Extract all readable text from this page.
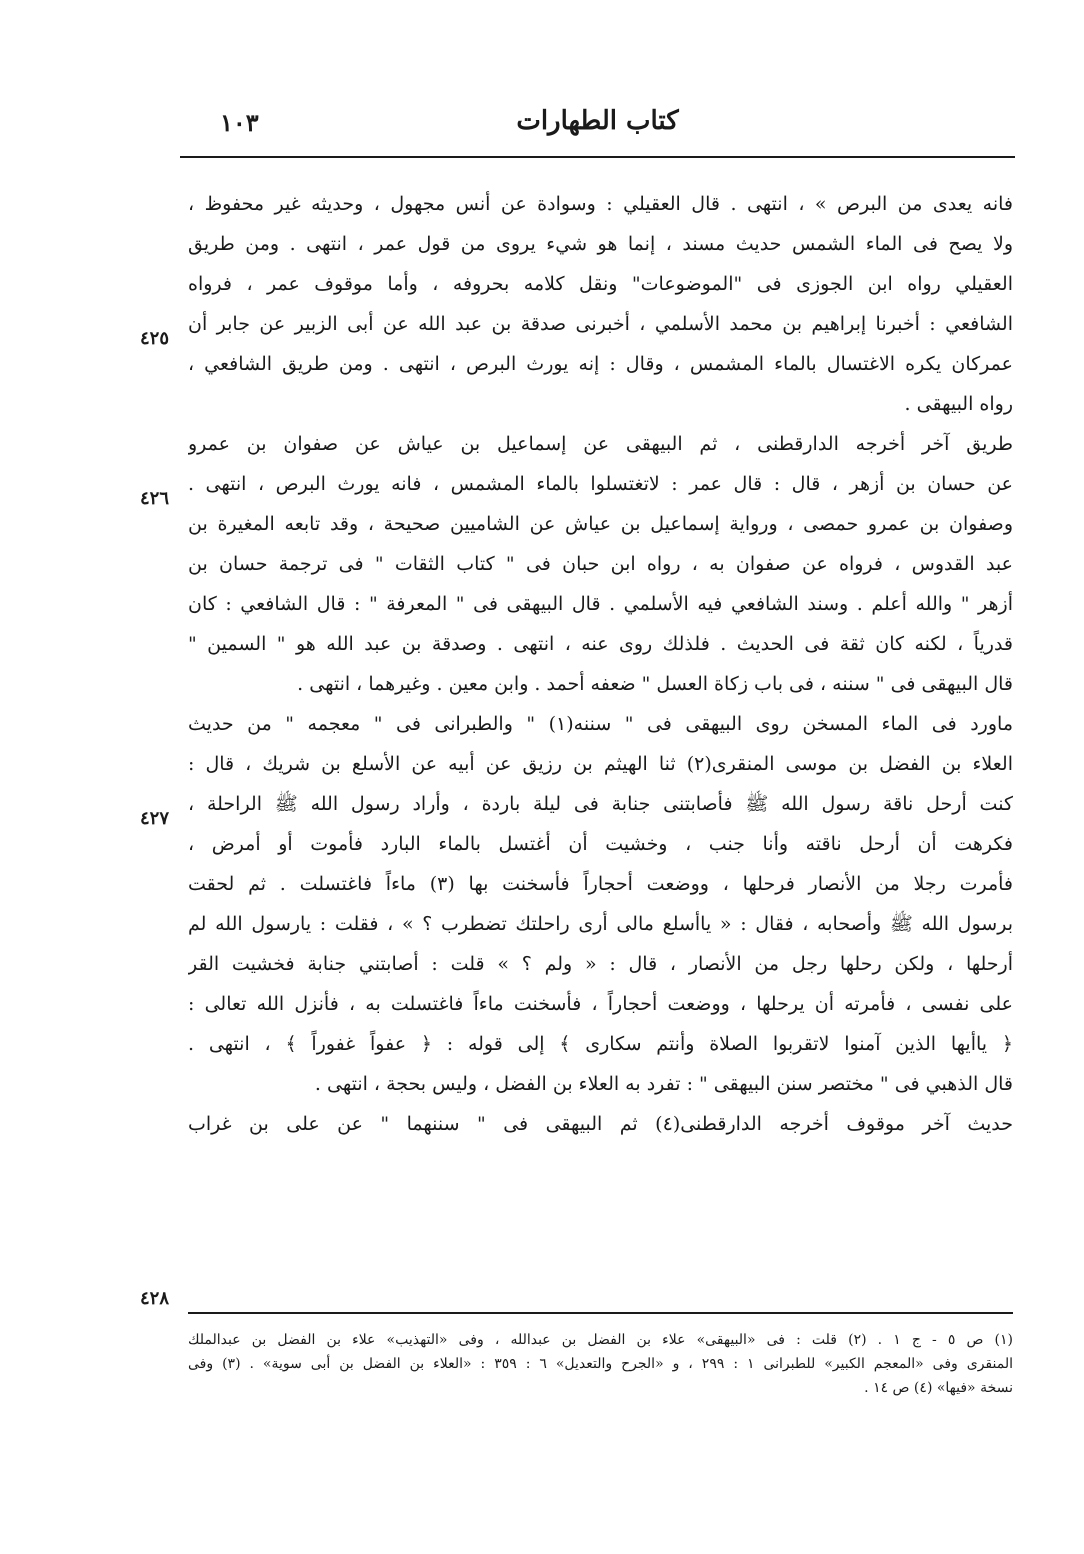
كتاب الطهارات
١٠٣
٤٢٥
٤٢٦
٤٢٧
٤٢٨
فانه يعدى من البرص » ، انتهى . قال العقيلي : وسوادة عن أنس مجهول ، وحديثه غير محفوظ ،
ولا يصح فى الماء الشمس حديث مسند ، إنما هو شيء يروى من قول عمر ، انتهى . ومن طريق
العقيلي رواه ابن الجوزى فى "الموضوعات" ونقل كلامه بحروفه ، وأما موقوف عمر ، فرواه
الشافعي : أخبرنا إبراهيم بن محمد الأسلمي ، أخبرنى صدقة بن عبد الله عن أبى الزبير عن جابر أن
عمركان يكره الاغتسال بالماء المشمس ، وقال : إنه يورث البرص ، انتهى . ومن طريق الشافعي ،
رواه البيهقى .
طريق آخر أخرجه الدارقطنى ، ثم البيهقى عن إسماعيل بن عياش عن صفوان بن عمرو
عن حسان بن أزهر ، قال : قال عمر : لاتغتسلوا بالماء المشمس ، فانه يورث البرص ، انتهى .
وصفوان بن عمرو حمصى ، ورواية إسماعيل بن عياش عن الشاميين صحيحة ، وقد تابعه المغيرة بن
عبد القدوس ، فرواه عن صفوان به ، رواه ابن حبان فى " كتاب الثقات " فى ترجمة حسان بن
أزهر " والله أعلم . وسند الشافعي فيه الأسلمي . قال البيهقى فى " المعرفة " : قال الشافعي : كان
قدرياً ، لكنه كان ثقة فى الحديث . فلذلك روى عنه ، انتهى . وصدقة بن عبد الله هو " السمين "
قال البيهقى فى " سننه ، فى باب زكاة العسل " ضعفه أحمد . وابن معين . وغيرهما ، انتهى .
ماورد فى الماء المسخن روى البيهقى فى " سننه(١) " والطبرانى فى " معجمه " من حديث
العلاء بن الفضل بن موسى المنقرى(٢) ثنا الهيثم بن رزيق عن أبيه عن الأسلع بن شريك ، قال :
كنت أرحل ناقة رسول الله ﷺ فأصابتنى جنابة فى ليلة باردة ، وأراد رسول الله ﷺ الراحلة ،
فكرهت أن أرحل ناقته وأنا جنب ، وخشيت أن أغتسل بالماء البارد فأموت أو أمرض ،
فأمرت رجلا من الأنصار فرحلها ، ووضعت أحجاراً فأسخنت بها (٣) ماءاً فاغتسلت . ثم لحقت
برسول الله ﷺ وأصحابه ، فقال : « ياأسلع مالى أرى راحلتك تضطرب ؟ » ، فقلت : يارسول الله لم
أرحلها ، ولكن رحلها رجل من الأنصار ، قال : « ولم ؟ » قلت : أصابتني جنابة فخشيت القر
على نفسى ، فأمرته أن يرحلها ، ووضعت أحجاراً ، فأسخنت ماءاً فاغتسلت به ، فأنزل الله تعالى :
﴿ ياأيها الذين آمنوا لاتقربوا الصلاة وأنتم سكارى ﴾ إلى قوله : ﴿ عفواً غفوراً ﴾ ، انتهى .
قال الذهبي فى " مختصر سنن البيهقى " : تفرد به العلاء بن الفضل ، وليس بحجة ، انتهى .
حديث آخر موقوف أخرجه الدارقطنى(٤) ثم البيهقى فى " سننهما " عن على بن غراب
(١) ص ٥ - ج ١ . (٢) قلت : فى «البيهقى» علاء بن الفضل بن عبدالله ، وفى «التهذيب» علاء بن الفضل بن عبدالملك
المنقرى وفى «المعجم الكبير» للطبرانى ١ : ٢٩٩ ، و «الجرح والتعديل» ٦ : ٣٥٩ : «العلاء بن الفضل بن أبى سوية» . (٣) وفى
نسخة «فيها» (٤) ص ١٤ .
